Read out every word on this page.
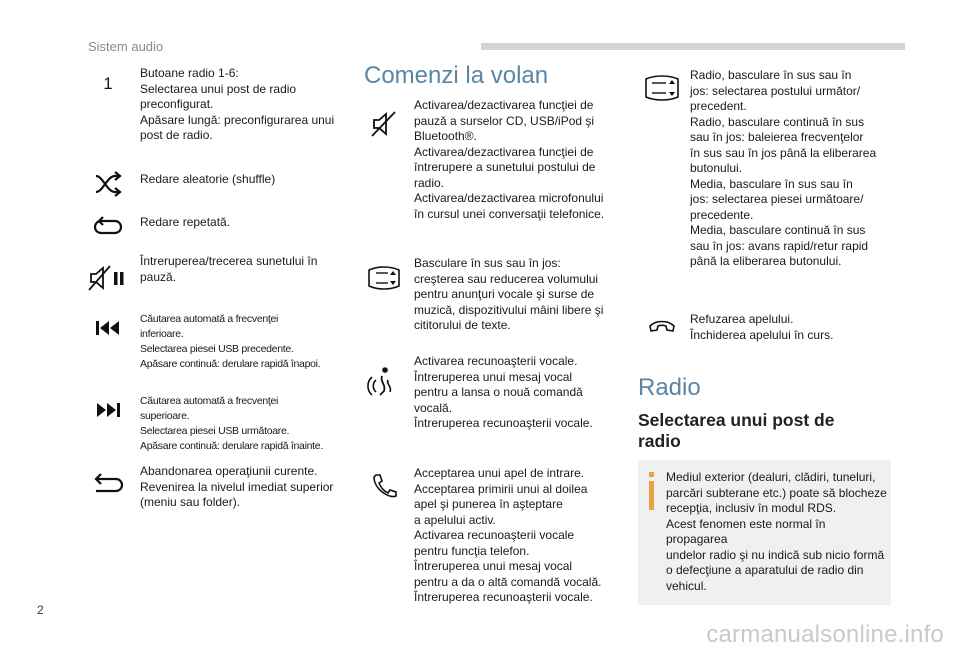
Sistem audio
1
Butoane radio 1-6:
Selectarea unui post de radio
preconfigurat.
Apăsare lungă: preconfigurarea unui
post de radio.
Redare aleatorie (shuffle)
Redare repetată.
Întreruperea/trecerea sunetului în
pauză.
Căutarea automată a frecvenţei
inferioare.
Selectarea piesei USB precedente.
Apăsare continuă: derulare rapidă înapoi.
Căutarea automată a frecvenţei
superioare.
Selectarea piesei USB următoare.
Apăsare continuă: derulare rapidă înainte.
Abandonarea operaţiunii curente.
Revenirea la nivelul imediat superior
(meniu sau folder).
Comenzi la volan
Activarea/dezactivarea funcţiei de
pauză a surselor CD, USB/iPod şi
Bluetooth®.
Activarea/dezactivarea funcţiei de
întrerupere a sunetului postului de
radio.
Activarea/dezactivarea microfonului
în cursul unei conversaţii telefonice.
Basculare în sus sau în jos:
creşterea sau reducerea volumului
pentru anunţuri vocale şi surse de
muzică, dispozitivului mâini libere şi
cititorului de texte.
Activarea recunoaşterii vocale.
Întreruperea unui mesaj vocal
pentru a lansa o nouă comandă
vocală.
Întreruperea recunoaşterii vocale.
Acceptarea unui apel de intrare.
Acceptarea primirii unui al doilea
apel şi punerea în aşteptare
a apelului activ.
Activarea recunoaşterii vocale
pentru funcţia telefon.
Întreruperea unui mesaj vocal
pentru a da o altă comandă vocală.
Întreruperea recunoaşterii vocale.
Radio, basculare în sus sau în
jos: selectarea postului următor/
precedent.
Radio, basculare continuă în sus
sau în jos: baleierea frecvenţelor
în sus sau în jos până la eliberarea
butonului.
Media, basculare în sus sau în
jos: selectarea piesei următoare/
precedente.
Media, basculare continuă în sus
sau în jos: avans rapid/retur rapid
până la eliberarea butonului.
Refuzarea apelului.
Închiderea apelului în curs.
Radio
Selectarea unui post de
radio
Mediul exterior (dealuri, clădiri, tuneluri,
parcări subterane etc.) poate să blocheze
recepţia, inclusiv în modul RDS.
Acest fenomen este normal în propagarea
undelor radio şi nu indică sub nicio formă
o defecţiune a aparatului de radio din
vehicul.
2
carmanualsonline.info
